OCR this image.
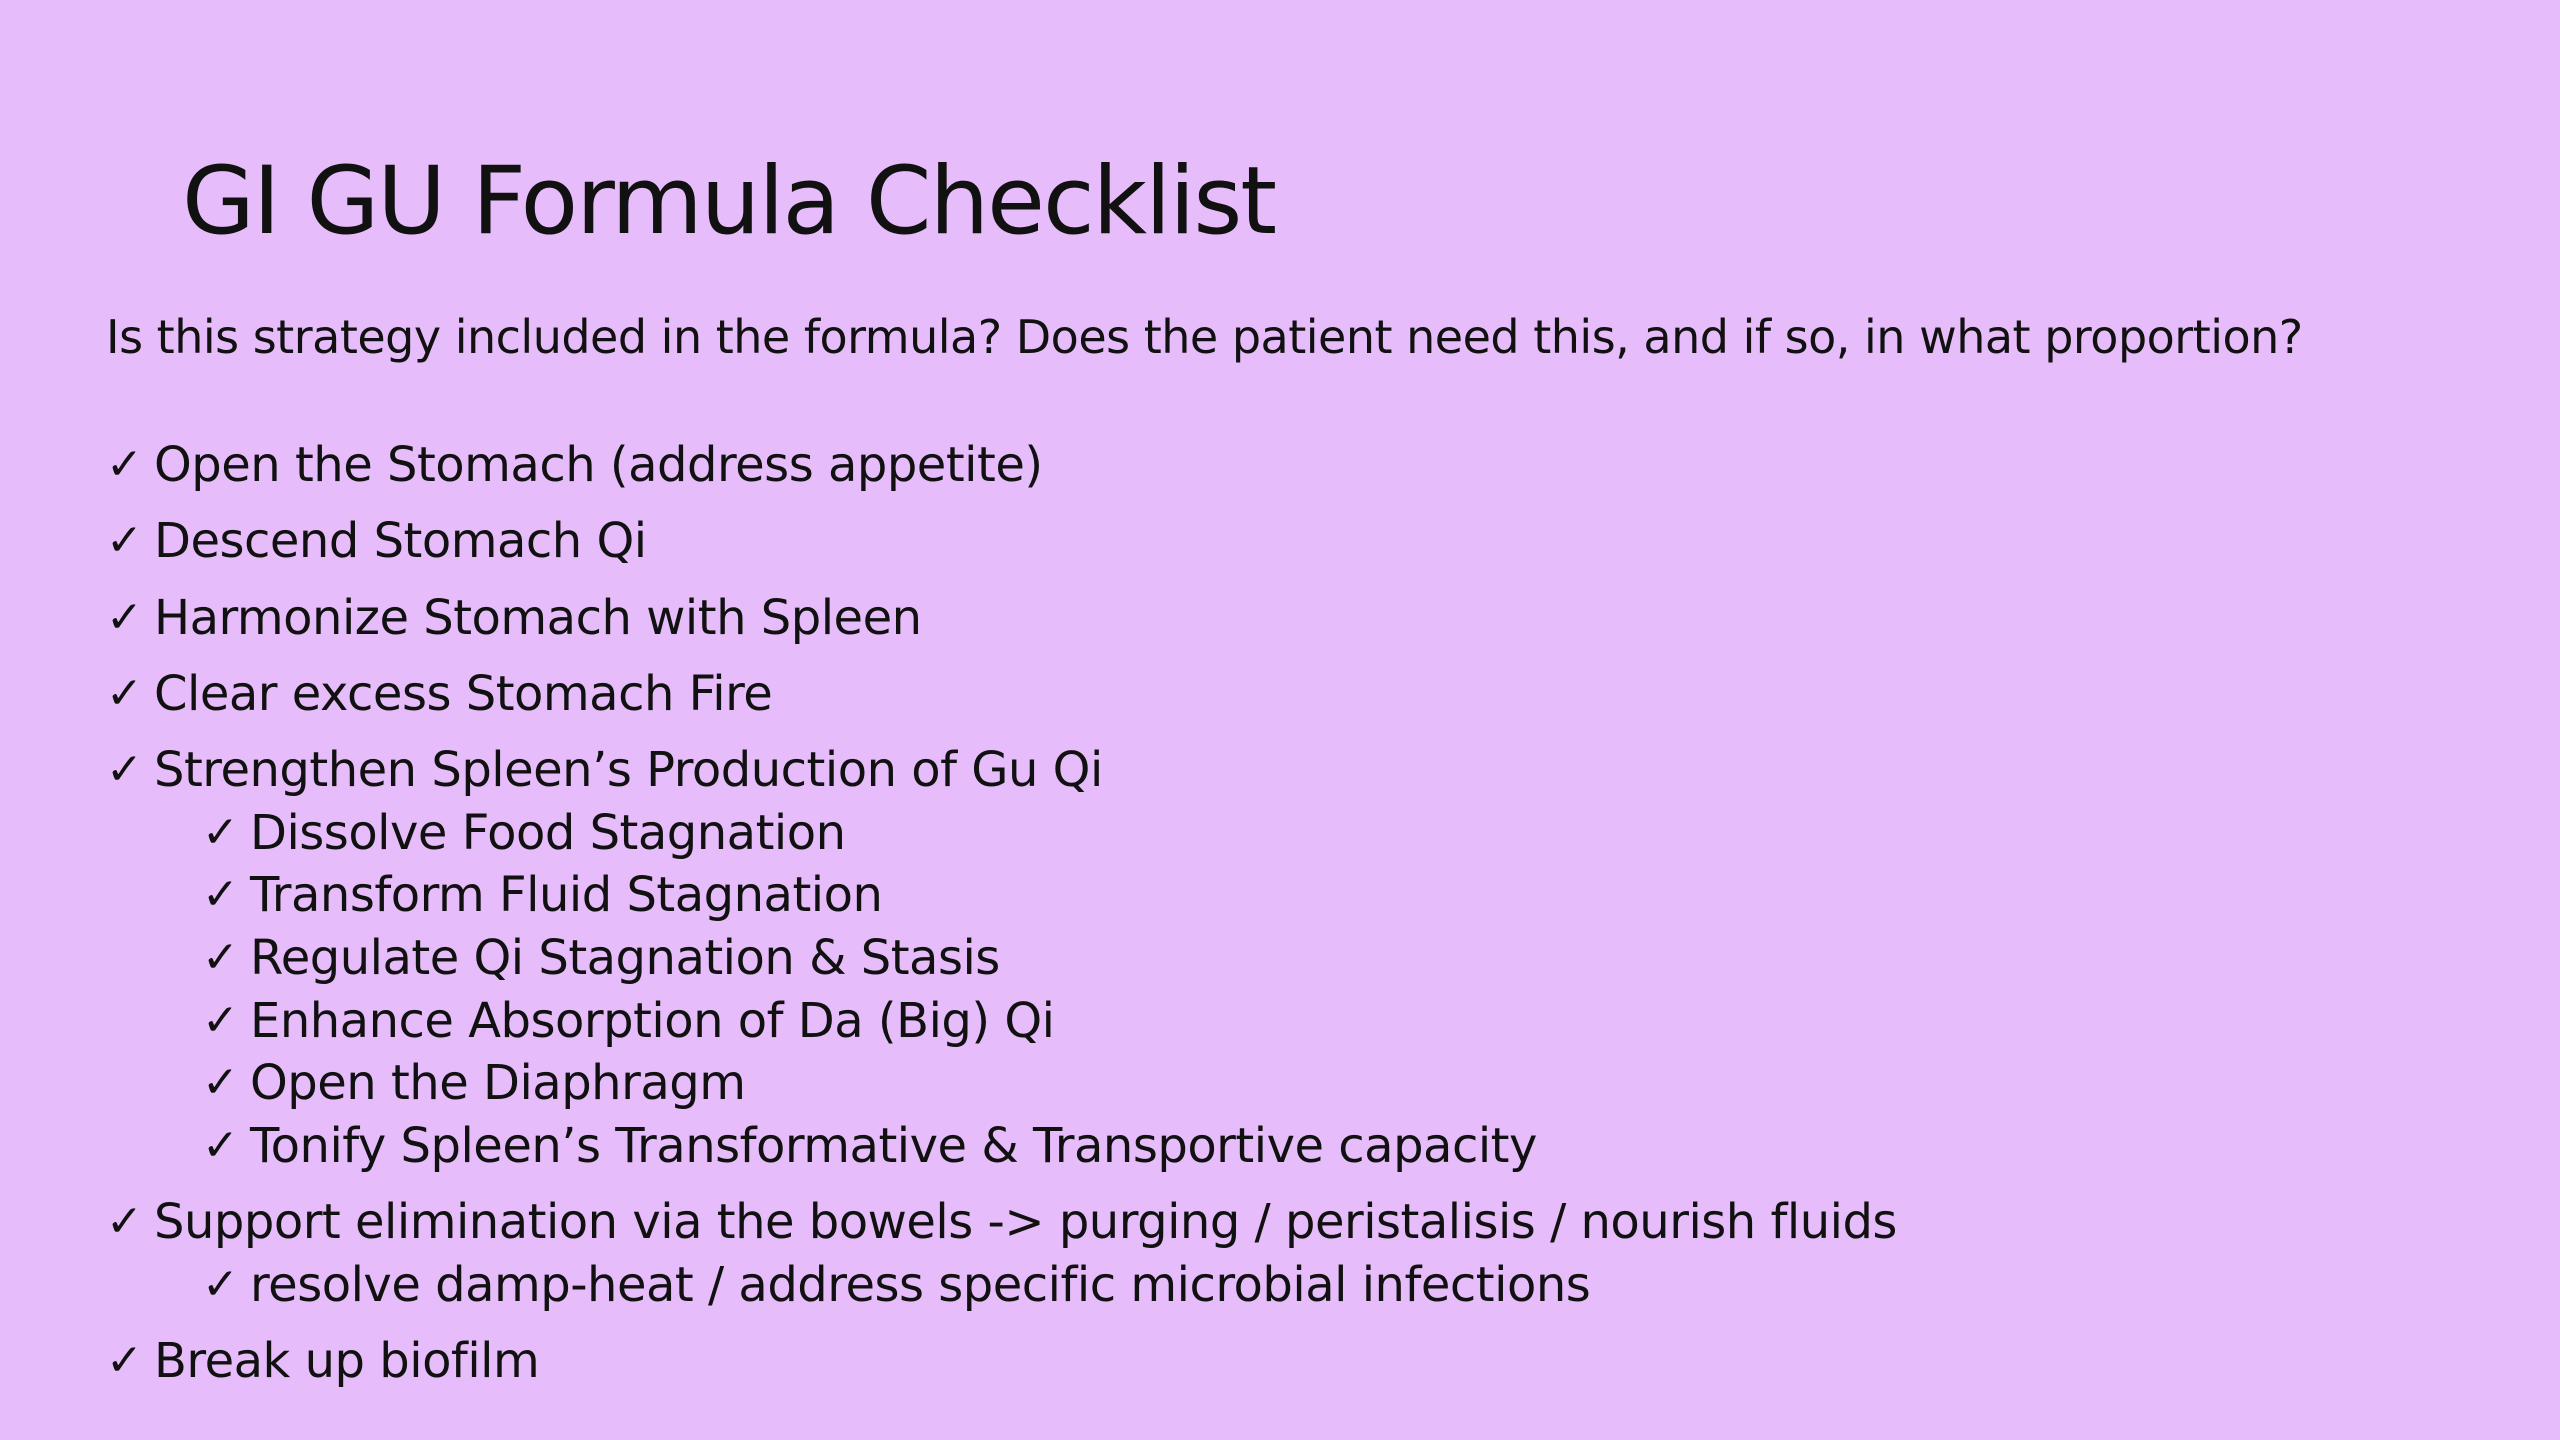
GI GU Formula Checklist

Is this strategy included in the formula? Does the patient need this, and if so, in what proportion?

✓ Open the Stomach (address appetite)
✓ Descend Stomach Qi
✓ Harmonize Stomach with Spleen
✓ Clear excess Stomach Fire
✓ Strengthen Spleen’s Production of Gu Qi
✓ Dissolve Food Stagnation
✓ Transform Fluid Stagnation
✓ Regulate Qi Stagnation & Stasis
✓ Enhance Absorption of Da (Big) Qi
✓ Open the Diaphragm
✓ Tonify Spleen’s Transformative & Transportive capacity
✓ Support elimination via the bowels -> purging / peristalisis / nourish fluids
✓ resolve damp-heat / address specific microbial infections
✓ Break up biofilm
